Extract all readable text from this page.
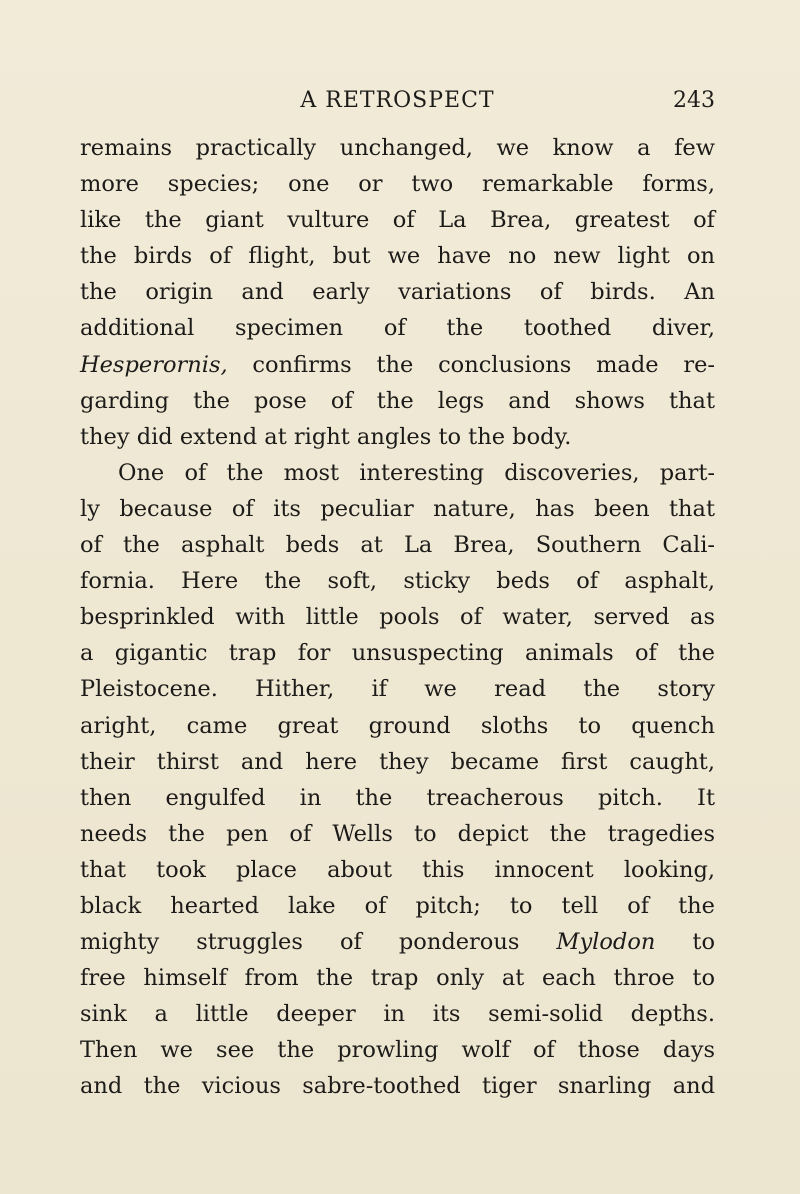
A RETROSPECT	243
remains practically unchanged, we know a few
more species; one or two remarkable forms,
like the giant vulture of La Brea, greatest of
the birds of flight, but we have no new light on
the origin and early variations of birds. An
additional specimen of the toothed diver,
Hesperornis, confirms the conclusions made re-
garding the pose of the legs and shows that
they did extend at right angles to the body.
One of the most interesting discoveries, part-
ly because of its peculiar nature, has been that
of the asphalt beds at La Brea, Southern Cali-
fornia. Here the soft, sticky beds of asphalt,
besprinkled with little pools of water, served as
a gigantic trap for unsuspecting animals of the
Pleistocene. Hither, if we read the story
aright, came great ground sloths to quench
their thirst and here they became first caught,
then engulfed in the treacherous pitch. It
needs the pen of Wells to depict the tragedies
that took place about this innocent looking,
black hearted lake of pitch; to tell of the
mighty struggles of ponderous Mylodon to
free himself from the trap only at each throe to
sink a little deeper in its semi-solid depths.
Then we see the prowling wolf of those days
and the vicious sabre-toothed tiger snarling and
